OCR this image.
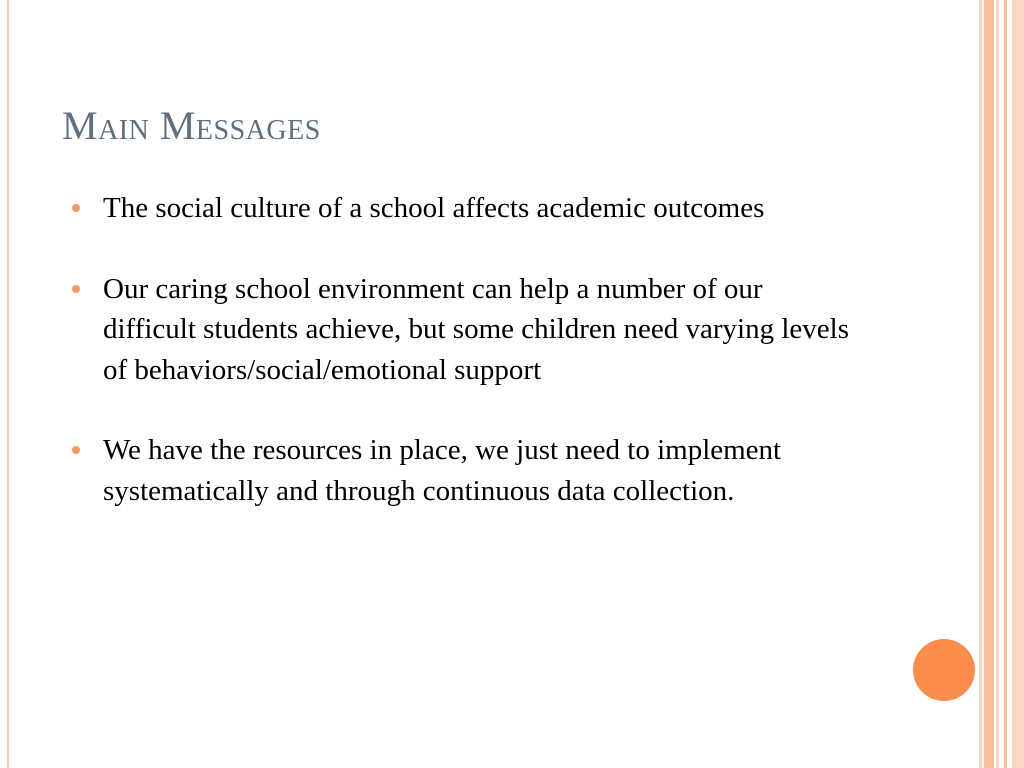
Main Messages
The social culture of a school affects academic outcomes
Our caring school environment can help a number of our difficult students achieve, but some children need varying levels of behaviors/social/emotional support
We have the resources in place, we just need to implement systematically and through continuous data collection.
